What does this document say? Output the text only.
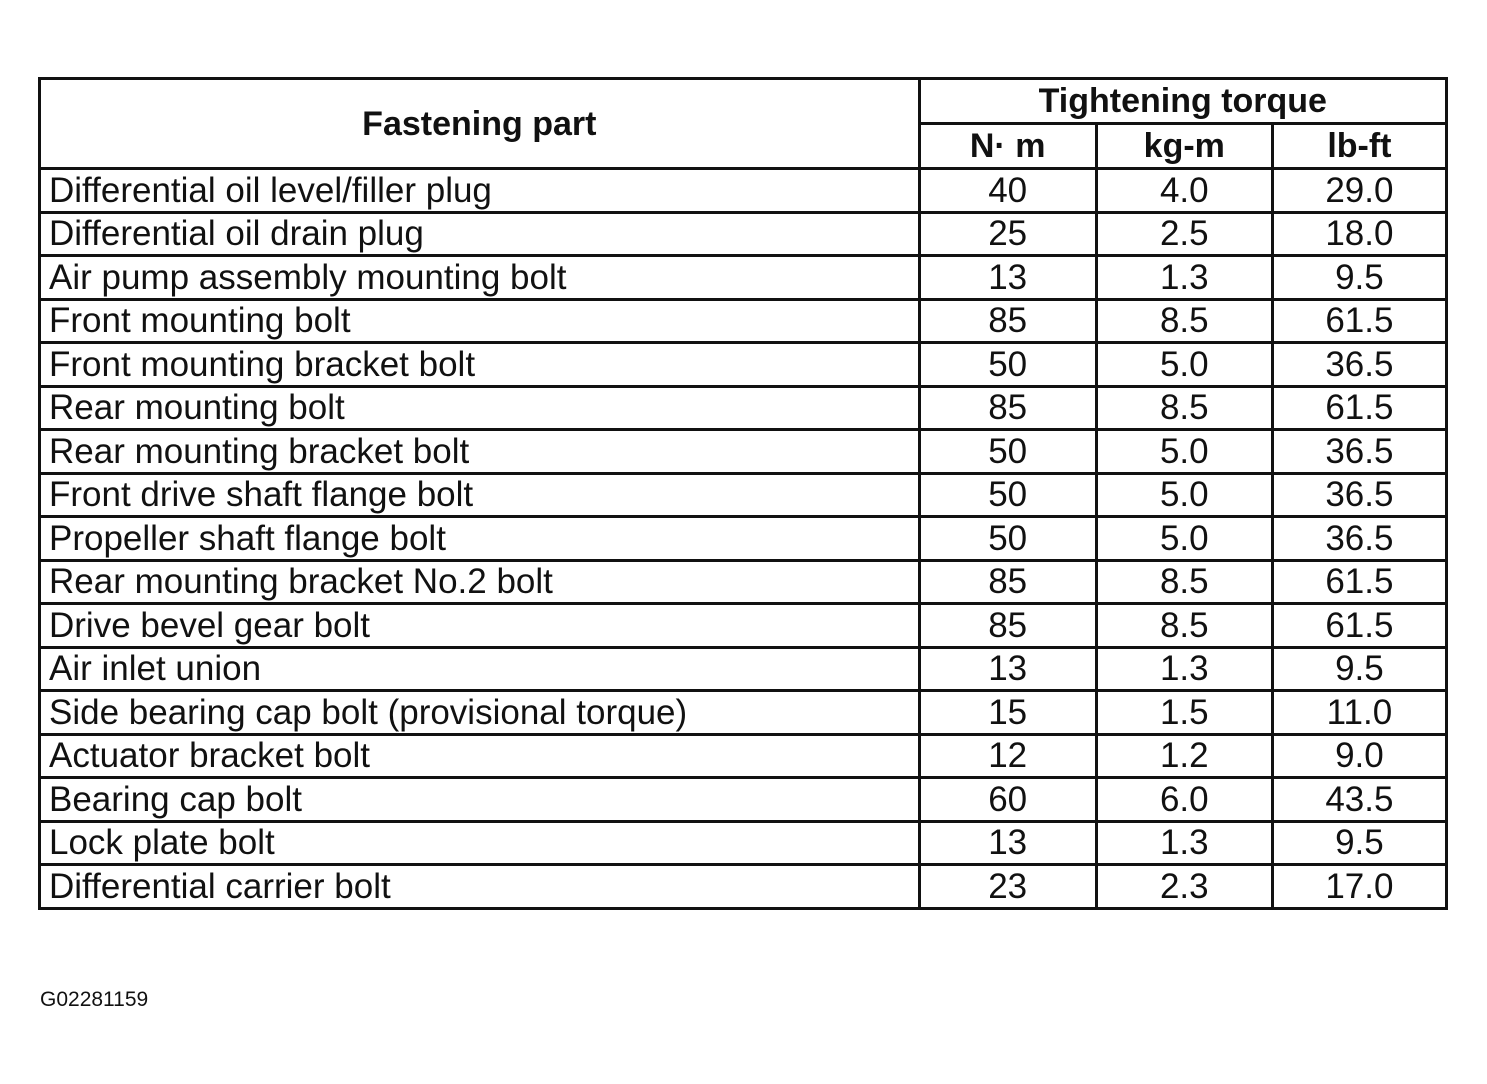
Fastening part	Tightening torque		
	N· m	kg-m	lb-ft
Differential oil level/filler plug	40	4.0	29.0
Differential oil drain plug	25	2.5	18.0
Air pump assembly mounting bolt	13	1.3	9.5
Front mounting bolt	85	8.5	61.5
Front mounting bracket bolt	50	5.0	36.5
Rear mounting bolt	85	8.5	61.5
Rear mounting bracket bolt	50	5.0	36.5
Front drive shaft flange bolt	50	5.0	36.5
Propeller shaft flange bolt	50	5.0	36.5
Rear mounting bracket No.2 bolt	85	8.5	61.5
Drive bevel gear bolt	85	8.5	61.5
Air inlet union	13	1.3	9.5
Side bearing cap bolt (provisional torque)	15	1.5	11.0
Actuator bracket bolt	12	1.2	9.0
Bearing cap bolt	60	6.0	43.5
Lock plate bolt	13	1.3	9.5
Differential carrier bolt	23	2.3	17.0
G02281159
